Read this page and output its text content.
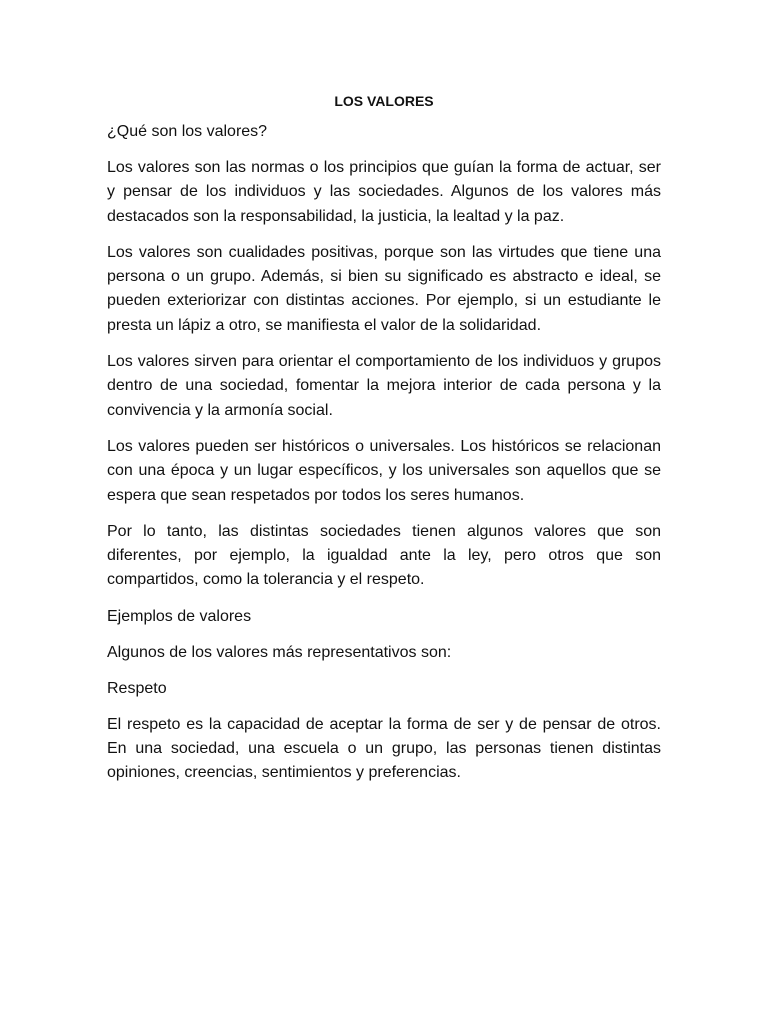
LOS VALORES
¿Qué son los valores?

Los valores son las normas o los principios que guían la forma de actuar, ser y pensar de los individuos y las sociedades. Algunos de los valores más destacados son la responsabilidad, la justicia, la lealtad y la paz.

Los valores son cualidades positivas, porque son las virtudes que tiene una persona o un grupo. Además, si bien su significado es abstracto e ideal, se pueden exteriorizar con distintas acciones. Por ejemplo, si un estudiante le presta un lápiz a otro, se manifiesta el valor de la solidaridad.

Los valores sirven para orientar el comportamiento de los individuos y grupos dentro de una sociedad, fomentar la mejora interior de cada persona y la convivencia y la armonía social.

Los valores pueden ser históricos o universales. Los históricos se relacionan con una época y un lugar específicos, y los universales son aquellos que se espera que sean respetados por todos los seres humanos.

Por lo tanto, las distintas sociedades tienen algunos valores que son diferentes, por ejemplo, la igualdad ante la ley, pero otros que son compartidos, como la tolerancia y el respeto.

Ejemplos de valores
Algunos de los valores más representativos son:
Respeto

El respeto es la capacidad de aceptar la forma de ser y de pensar de otros. En una sociedad, una escuela o un grupo, las personas tienen distintas opiniones, creencias, sentimientos y preferencias.
